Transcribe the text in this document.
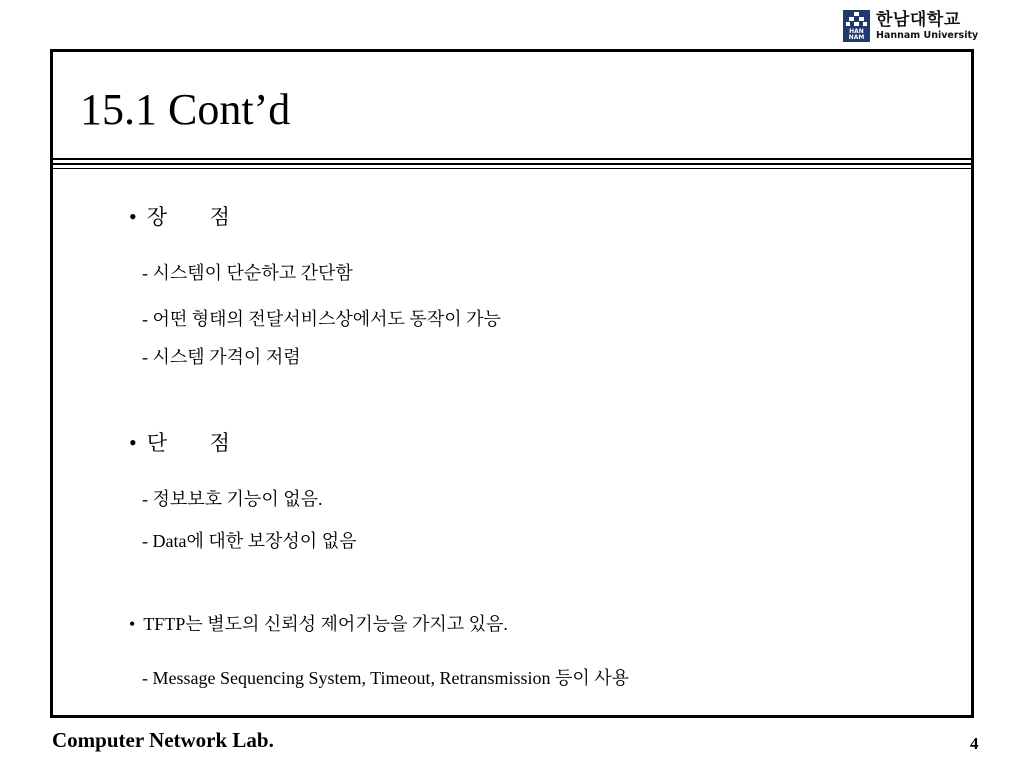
HAN
NAM
한남대학교
Hannam University
15.1 Cont’d
• 장 점
- 시스템이 단순하고 간단함
- 어떤 형태의 전달서비스상에서도 동작이 가능
- 시스템 가격이 저렴
• 단 점
- 정보보호 기능이 없음.
- Data에 대한 보장성이 없음
• TFTP는 별도의 신뢰성 제어기능을 가지고 있음.
- Message Sequencing System, Timeout, Retransmission 등이 사용
Computer Network Lab.	4
